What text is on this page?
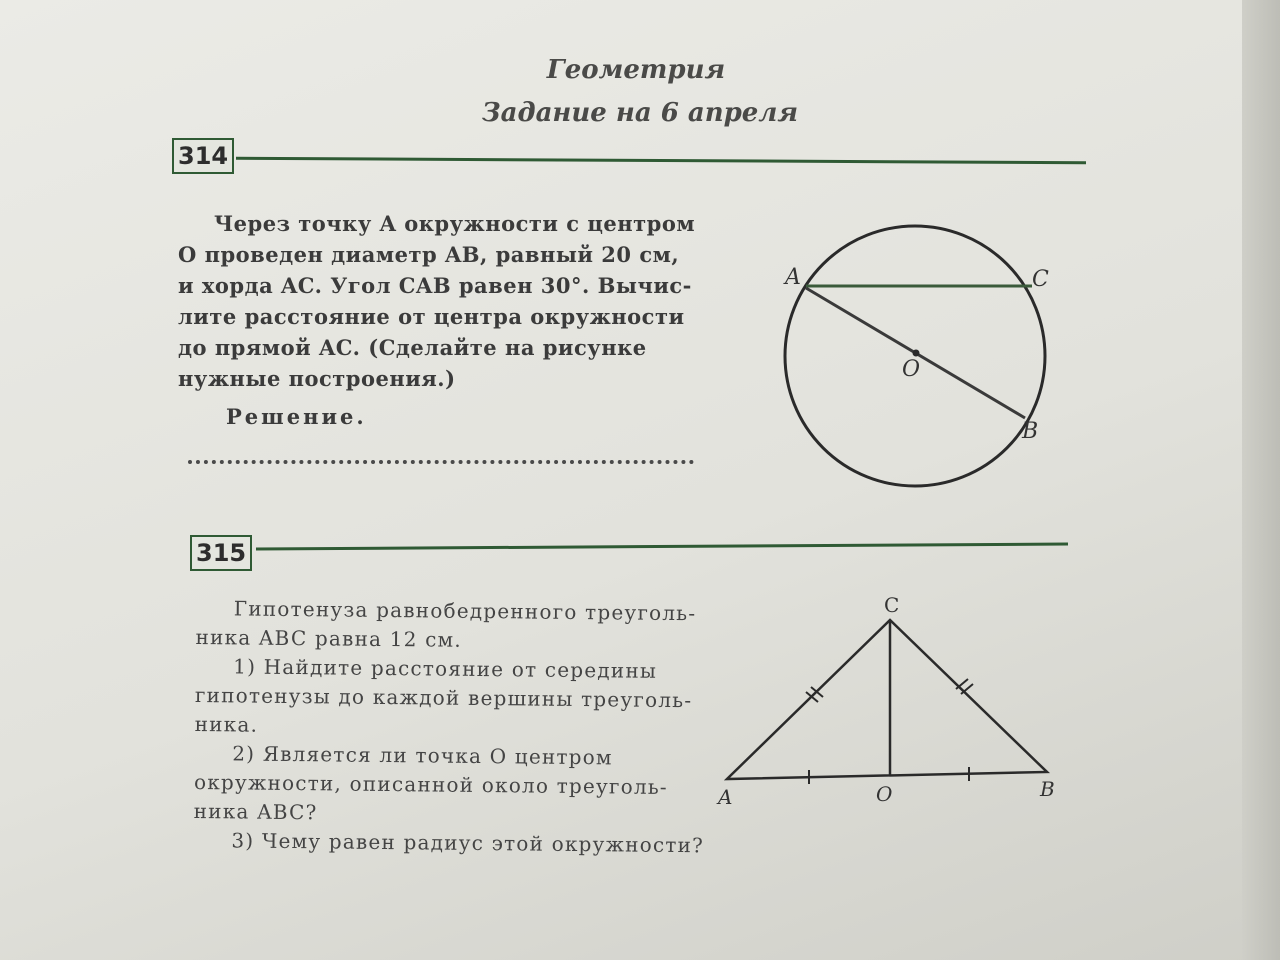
Геометрия
Задание на 6 апреля
314
Через точку A окружности с центром
O проведен диаметр AB, равный 20 см,
и хорда AC. Угол CAB равен 30°. Вычис-
лите расстояние от центра окружности
до прямой AC. (Сделайте на рисунке
нужные построения.)
Решение.
315
Гипотенуза равнобедренного треуголь-
ника ABC равна 12 см.
1) Найдите расстояние от середины
гипотенузы до каждой вершины треуголь-
ника.
2) Является ли точка O центром
окружности, описанной около треуголь-
ника ABC?
3) Чему равен радиус этой окружности?
A	C
O
B
C
A	O	B
